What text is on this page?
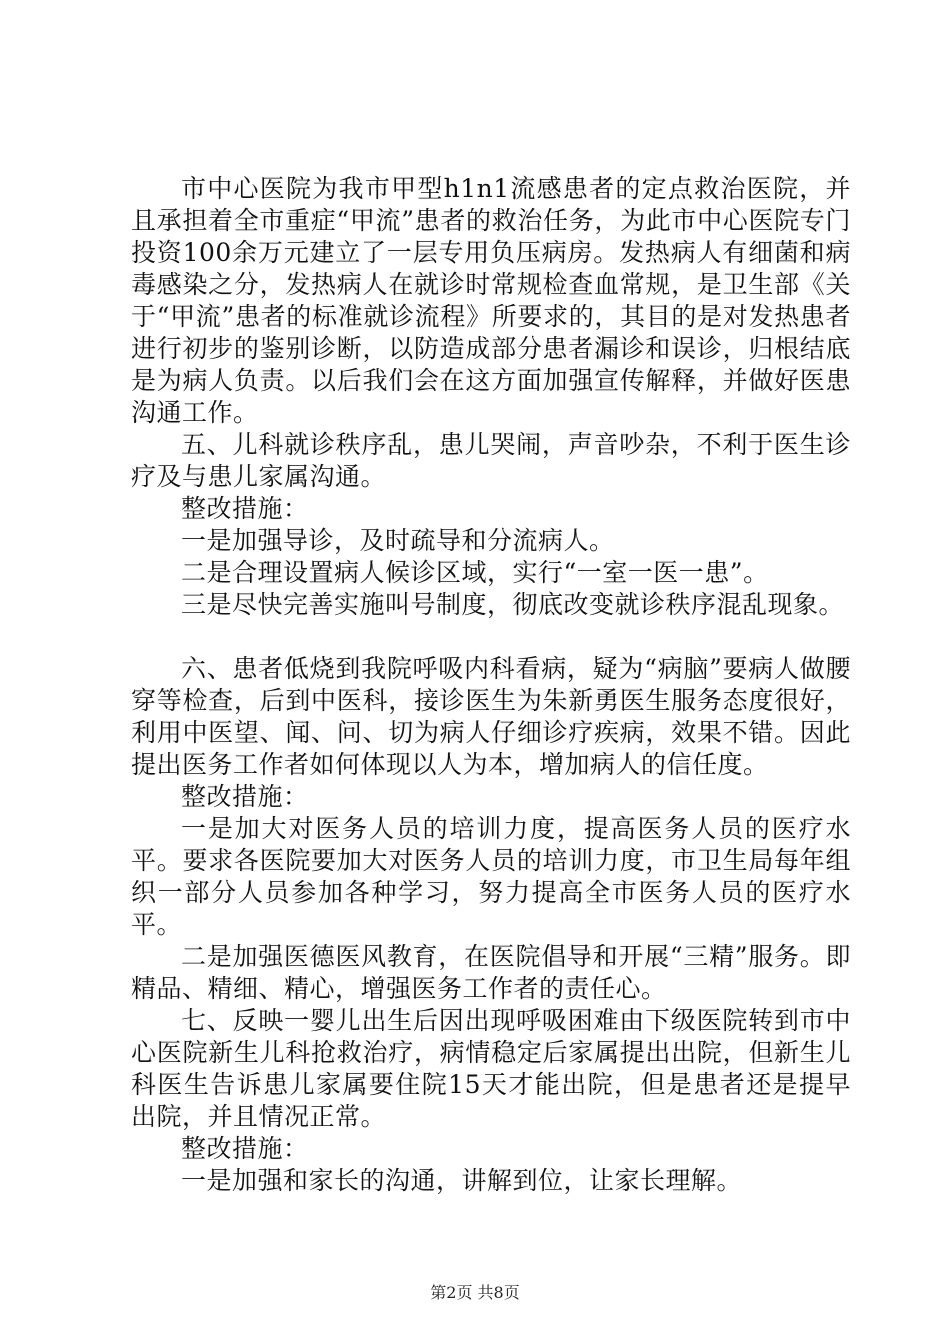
市中心医院为我市甲型h1n1流感患者的定点救治医院，并且承担着全市重症“甲流”患者的救治任务，为此市中心医院专门投资100余万元建立了一层专用负压病房。发热病人有细菌和病毒感染之分，发热病人在就诊时常规检查血常规，是卫生部《关于“甲流”患者的标准就诊流程》所要求的，其目的是对发热患者进行初步的鉴别诊断，以防造成部分患者漏诊和误诊，归根结底是为病人负责。以后我们会在这方面加强宣传解释，并做好医患沟通工作。

五、儿科就诊秩序乱，患儿哭闹，声音吵杂，不利于医生诊疗及与患儿家属沟通。

整改措施：

一是加强导诊，及时疏导和分流病人。

二是合理设置病人候诊区域，实行“一室一医一患”。

三是尽快完善实施叫号制度，彻底改变就诊秩序混乱现象。

六、患者低烧到我院呼吸内科看病，疑为“病脑”要病人做腰穿等检查，后到中医科，接诊医生为朱新勇医生服务态度很好，利用中医望、闻、问、切为病人仔细诊疗疾病，效果不错。因此提出医务工作者如何体现以人为本，增加病人的信任度。

整改措施：

一是加大对医务人员的培训力度，提高医务人员的医疗水平。要求各医院要加大对医务人员的培训力度，市卫生局每年组织一部分人员参加各种学习，努力提高全市医务人员的医疗水平。

二是加强医德医风教育，在医院倡导和开展“三精”服务。即精品、精细、精心，增强医务工作者的责任心。

七、反映一婴儿出生后因出现呼吸困难由下级医院转到市中心医院新生儿科抢救治疗，病情稳定后家属提出出院，但新生儿科医生告诉患儿家属要住院15天才能出院，但是患者还是提早出院，并且情况正常。

整改措施：

一是加强和家长的沟通，讲解到位，让家长理解。

第2页 共8页
